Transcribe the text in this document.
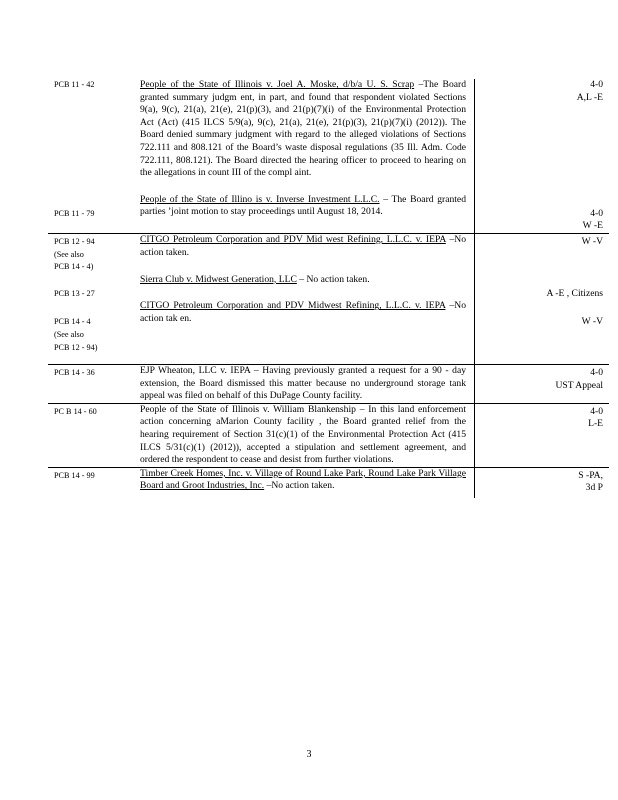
PCB 11 - 42	People of the State of Illinois v. Joel A. Moske, d/b/a U. S. Scrap –The Board granted summary judgm ent, in part, and found that respondent violated Sections 9(a), 9(c), 21(a), 21(e), 21(p)(3), and 21(p)(7)(i) of the Environmental Protection Act (Act) (415 ILCS 5/9(a), 9(c), 21(a), 21(e), 21(p)(3), 21(p)(7)(i) (2012)). The Board denied summary judgment with regard to the alleged violations of Sections 722.111 and 808.121 of the Board’s waste disposal regulations (35 Ill. Adm. Code 722.111, 808.121). The Board directed the hearing officer to proceed to hearing on the allegations in count III of the compl aint.	4-0
A,L -E

PCB 11 - 79	People of the State of Illino is v. Inverse Investment L.L.C. – The Board granted parties ’joint motion to stay proceedings until August 18, 2014.	4-0
W -E

PCB 12 - 94
(See also
PCB 14 - 4)	CITGO Petroleum Corporation and PDV Mid west Refining, L.L.C. v. IEPA –No action taken.	W -V

PCB 13 - 27	Sierra Club v. Midwest Generation, LLC – No action taken.	A -E , Citizens

PCB 14 - 4
(See also
PCB 12 - 94)	CITGO Petroleum Corporation and PDV Midwest Refining, L.L.C. v. IEPA –No action tak en.	W -V

PCB 14 - 36	EJP Wheaton, LLC v. IEPA – Having previously granted a request for a 90 - day extension, the Board dismissed this matter because no underground storage tank appeal was filed on behalf of this DuPage County facility.	4-0
UST Appeal

PC B 14 - 60	People of the State of Illinois v. William Blankenship – In this land enforcement action concerning aMarion County facility , the Board granted relief from the hearing requirement of Section 31(c)(1) of the Environmental Protection Act (415 ILCS 5/31(c)(1) (2012)), accepted a stipulation and settlement agreement, and ordered the respondent to cease and desist from further violations.	4-0
L-E

PCB 14 - 99	Timber Creek Homes, Inc. v. Village of Round Lake Park, Round Lake Park Village Board and Groot Industries, Inc. –No action taken.	S -PA,
3d P
3
